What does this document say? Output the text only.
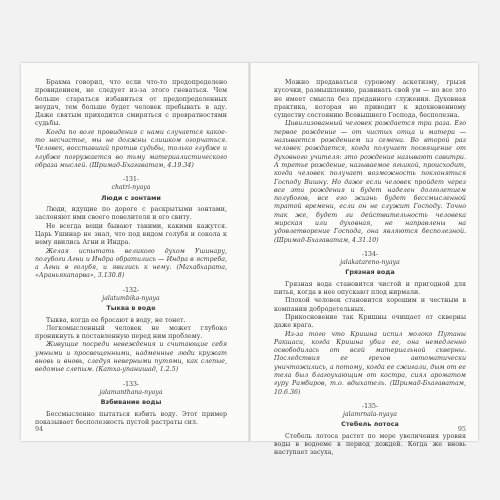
Брахма говорил, что если что-то предопределено провидением, не следует из-за этого гневаться. Чем больше стараться избавиться от предопределенных неудач, тем больше будет человек пребывать в аду. Даже святым приходится смиряться с превратностями судьбы.

Когда по воле провидения с нами случается какое-то несчастье, мы не должны слишком огорчаться. Человек, восставший против судьбы, только глубже и глубже погружается во тьму материалистического образа мыслей. (Шримад-Бхагаватам, 4.19.34)

-131-
chatri-nyaya
Люди с зонтами

Люди, идущие по дороге с раскрытыми зонтами, заслоняют ими своего повелителя и его свиту.

Не всегда вещи бывают такими, какими кажутся. Царь Ушинар не знал, что под видом голубя и сокола к нему явились Агни и Индра.

Желая испытать великого духом Ушинару, полубоги Агни и Индра обратились — Индра в ястреба, а Агни в голубя, и явились к нему. (Махабхарата, «Араньякапарва», 3.130.8)

-132-
jalatumbika-nyaya
Тыква в воде

Тыква, когда ее бросают в воду, не тонет.

Легкомысленный человек не может глубоко проникнуть в поставленную перед ним проблему.

Живущие посреди невеждения и считающие себя умными и просвещенными, надменные люди кружат вновь и вновь, следуя неверными путями, как слепые, ведомые слепым. (Катха-упанишад, 1.2.5)

-133-
jalamanthana-nyaya
Взбивание воды

Бессмысленно пытаться взбить воду. Этот пример показывает бесполезность пустой растраты сил.

94

Можно предаваться суровому аскетизму, грызя кусочки, размышлению, развивать свой ум — но все это не имеет смысла без преданного служения. Духовная практика, которая не приводит к вдохновенному существу состоянию Всевышнего Господа, бесполезна.

Цивилизованный человек рождается три раза. Его первое рождение — от чистых отца и матери — называется рождением из семени. Во второй раз человек рождается, когда получает посвящение от духовного учителя: это рождение называют савитри. А третье рождение, называемое ягьикой, происходит, когда человек получает возможность поклоняться Господу Вишну. Но даже если человек пройдет через все эти рождения и будет наделен долголетием полубогов, все его жизнь будет бессмысленной тратой времени, если он не служит Господу. Точно так же, будет ли действительность человека мирская или духовная, не направлены на удовлетворение Господа, она являются бесполезной. (Шримад-Бхагаватам, 4.31.10)

-134-
jalakatareno-nyaya
Грязная вода

Грязная вода становится чистой и пригодной для питья, когда в нее опускают плод нирмали.

Плохой человек становится хорошим и честным в компании добродетельных.

Прикосновение так Кришны очищает от скверны даже врага.

Из-за того что Кришна испил молоко Путаны Ракшаси, когда Кришна убил ее, она немедленно освободилась от всей материальной скверны. Последствия ее грехов автоматически уничтожились, а потому, когда ее сжигали, дым от ее тела был благоухающим от костра, сиял ароматом гуру Рамбиров, т.о. вдыхатель. (Шримад-Бхагаватам, 10.6.36)

-135-
jalamrnala-nyaya
Стебель лотоса

Стебель лотоса растет по мере увеличения уровня воды в водоеме в период дождей. Когда же вновь наступает засуха,

95
